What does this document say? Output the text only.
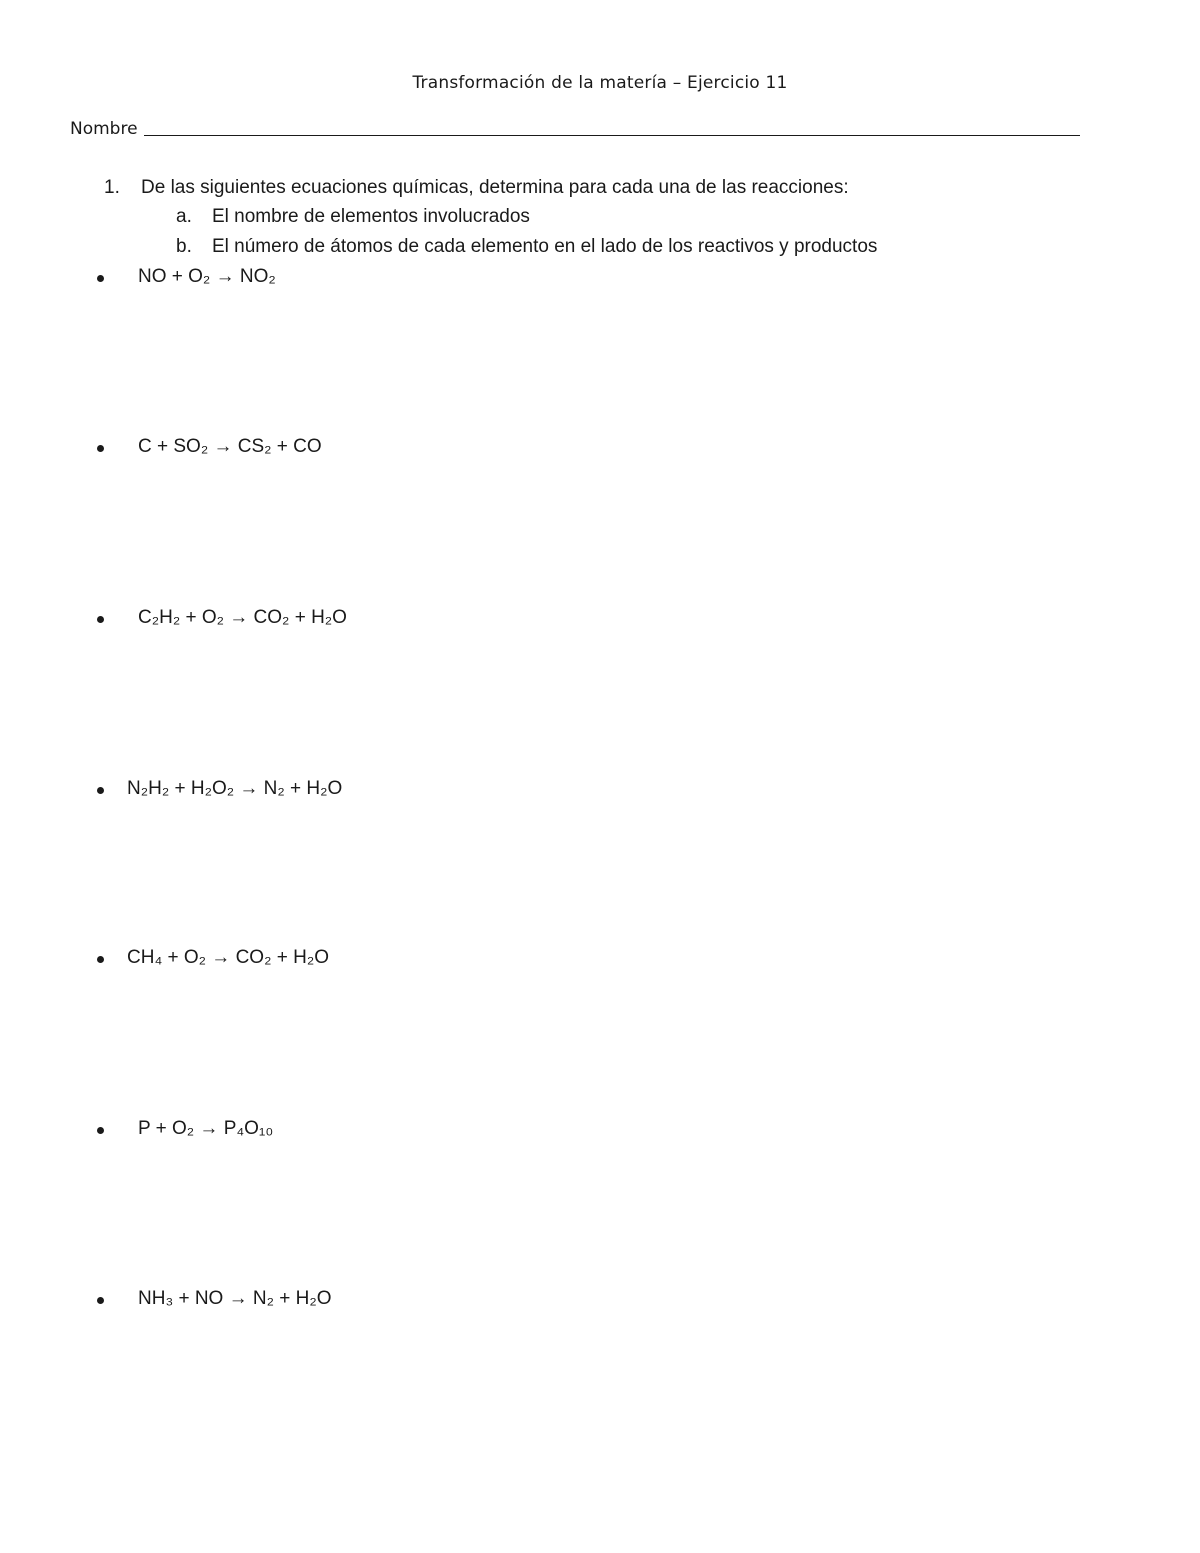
Transformación de la matería – Ejercicio 11
Nombre
1. De las siguientes ecuaciones químicas, determina para cada una de las reacciones:
a. El nombre de elementos involucrados
b. El número de átomos de cada elemento en el lado de los reactivos y productos
NO + O₂ → NO₂
C + SO₂ → CS₂ + CO
C₂H₂ + O₂ → CO₂ + H₂O
N₂H₂ + H₂O₂ → N₂ + H₂O
CH₄ + O₂ → CO₂ + H₂O
P + O₂ → P₄O₁₀
NH₃ + NO → N₂ + H₂O
